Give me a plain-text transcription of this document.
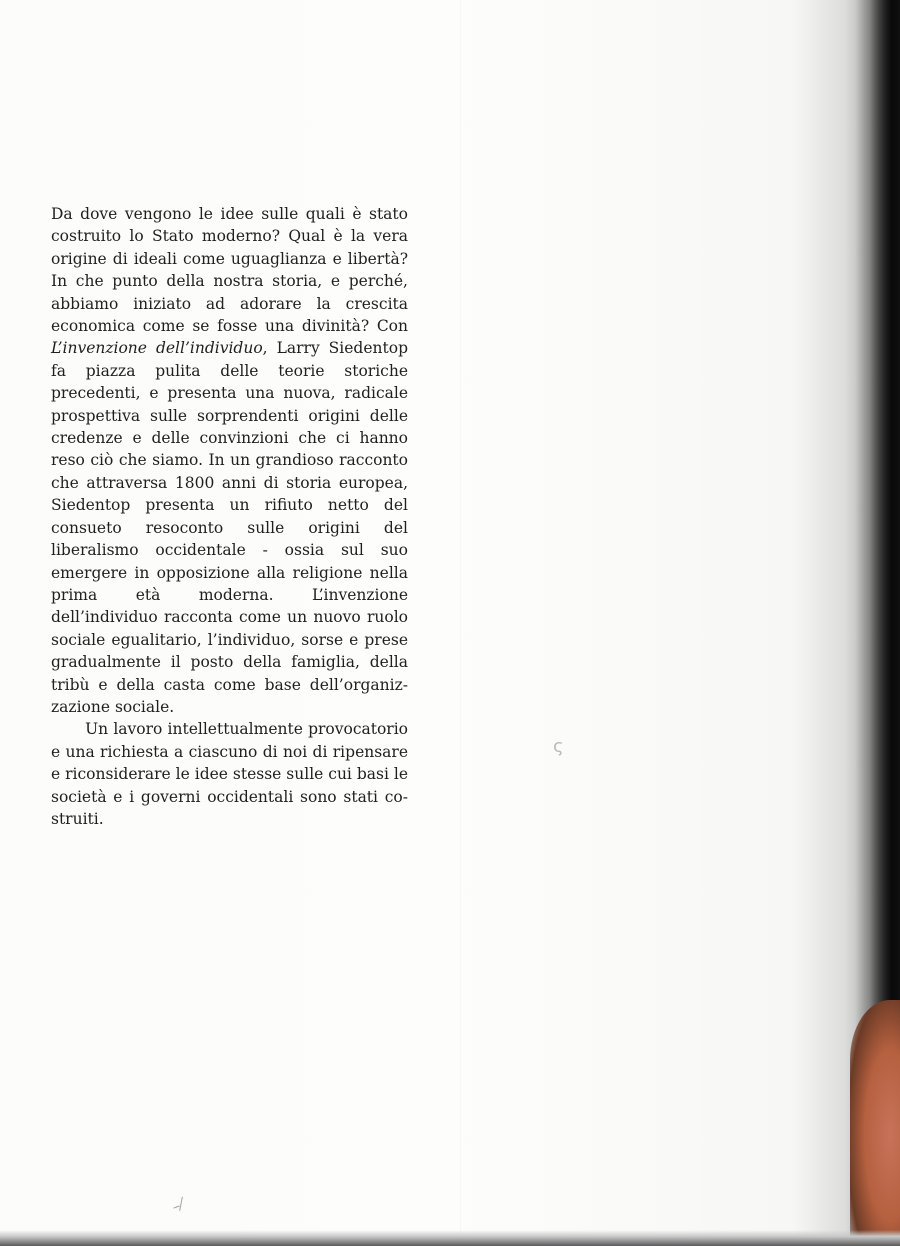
Da dove vengono le idee sulle quali è stato costruito lo Stato moderno? Qual è la vera origine di ideali come uguaglianza e libertà? In che punto della nostra storia, e perché, abbiamo iniziato ad adorare la crescita economica come se fosse una divinità? Con L’invenzione dell’individuo, Larry Siedentop fa piazza pulita delle teorie storiche precedenti, e presenta una nuova, radicale prospettiva sulle sorprendenti origini delle credenze e delle convinzioni che ci hanno reso ciò che siamo. In un grandioso racconto che attraversa 1800 anni di storia europea, Siedentop presenta un rifiuto netto del consueto resoconto sulle origini del liberalismo occidentale - ossia sul suo emergere in opposizione alla religione nella prima età moderna. L’invenzione dell’individuo racconta come un nuovo ruolo sociale egualitario, l’individuo, sorse e prese gradualmente il posto della famiglia, della tribù e della casta come base dell’organizzazione sociale.

Un lavoro intellettualmente provocatorio e una richiesta a ciascuno di noi di ripensare e riconsiderare le idee stesse sulle cui basi le società e i governi occidentali sono stati costruiti.

ς
–⁄
